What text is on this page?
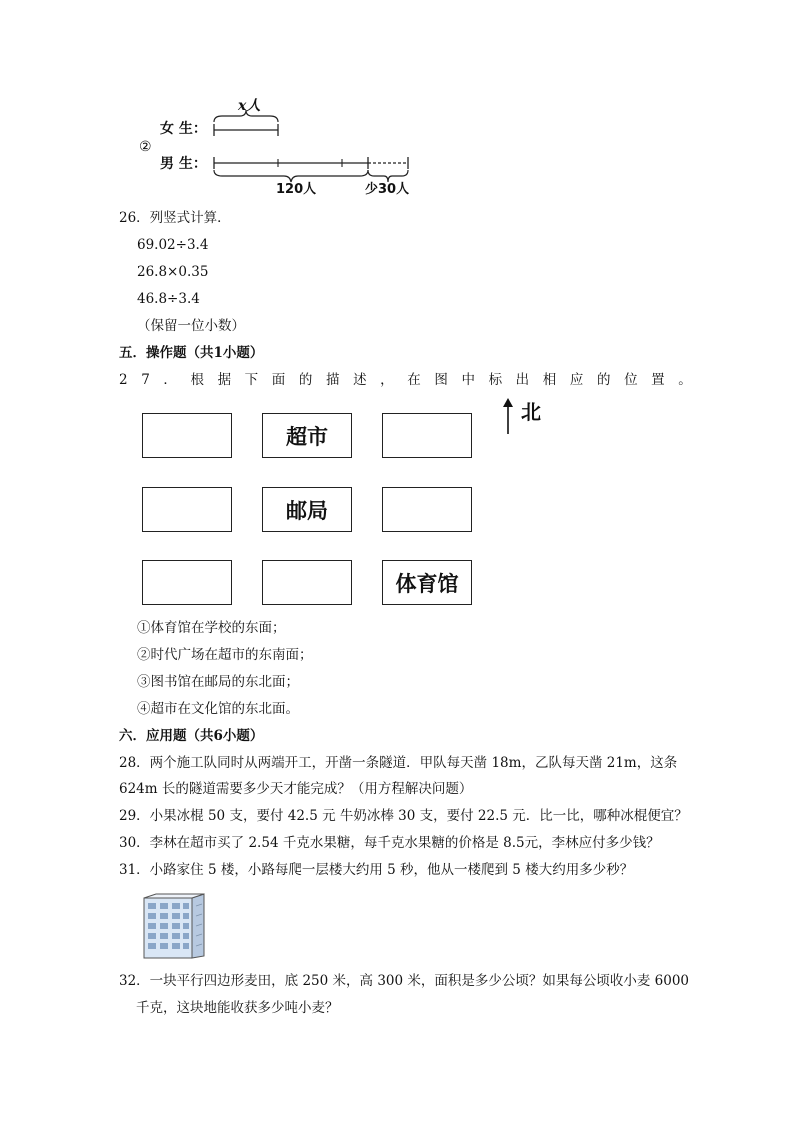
②
女 生：
男 生：
x人
120人	少30人
26．列竖式计算．
69.02÷3.4
26.8×0.35
46.8÷3.4
（保留一位小数）
五．操作题（共1小题）
27．根据下面的描述，在图中标出相应的位置。
北
超市
邮局
体育馆
①体育馆在学校的东面；
②时代广场在超市的东南面；
③图书馆在邮局的东北面；
④超市在文化馆的东北面。
六．应用题（共6小题）
28．两个施工队同时从两端开工，开凿一条隧道．甲队每天凿 18m，乙队每天凿 21m，这条
624m 长的隧道需要多少天才能完成？（用方程解决问题）
29．小果冰棍 50 支，要付 42.5 元 牛奶冰棒 30 支，要付 22.5 元．比一比，哪种冰棍便宜？
30．李林在超市买了 2.54 千克水果糖，每千克水果糖的价格是 8.5元，李林应付多少钱？
31．小路家住 5 楼，小路每爬一层楼大约用 5 秒，他从一楼爬到 5 楼大约用多少秒？
32．一块平行四边形麦田，底 250 米，高 300 米，面积是多少公顷？如果每公顷收小麦 6000
千克，这块地能收获多少吨小麦？
